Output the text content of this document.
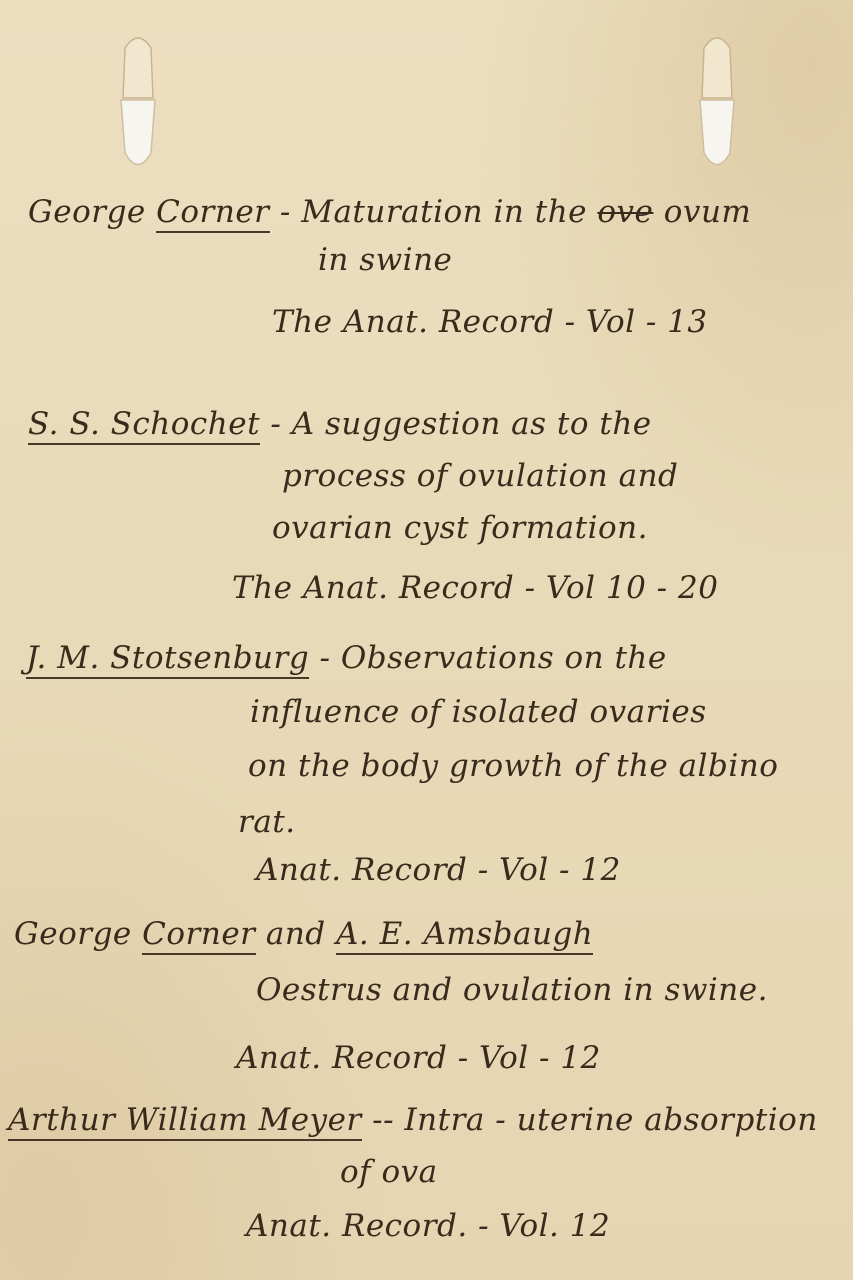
George Corner - Maturation in the ove ovum

in swine

The Anat. Record - Vol - 13

S. S. Schochet - A suggestion as to the

process of ovulation and

ovarian cyst formation.

The Anat. Record - Vol 10 - 20

J. M. Stotsenburg - Observations on the

influence of isolated ovaries

on the body growth of the albino

rat.

Anat. Record - Vol - 12

George Corner and A. E. Amsbaugh

Oestrus and ovulation in swine.

Anat. Record - Vol - 12

Arthur William Meyer -- Intra - uterine absorption

of ova

Anat. Record. - Vol. 12
